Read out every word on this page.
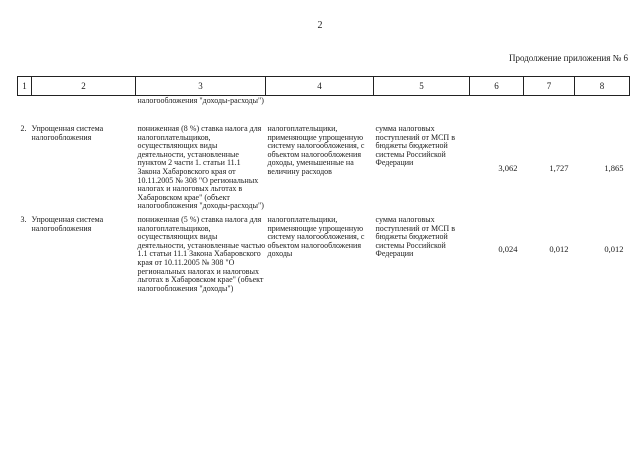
2
Продолжение приложения № 6
1	2	3	4	5	6	7	8
		налогообложения "доходы-расходы")					
2.	Упрощенная система налогообложения	пониженная (8 %) ставка налога для налогоплательщиков, осуществляющих виды деятельности, установленные пунктом 2 части 1. статьи 11.1 Закона Хабаровского края от 10.11.2005 № 308 "О региональных налогах и налоговых льготах в Хабаровском крае" (объект налогообложения "доходы-расходы")	налогоплательщики, применяющие упрощенную систему налогообложения, с объектом налогообложения доходы, уменьшенные на величину расходов	сумма налоговых поступлений от МСП в бюджеты бюджетной системы Российской Федерации	3,062	1,727	1,865
3.	Упрощенная система налогообложения	пониженная (5 %) ставка налога для налогоплательщиков, осуществляющих виды деятельности, установленные частью 1.1 статьи 11.1 Закона Хабаровского края от 10.11.2005 № 308 "О региональных налогах и налоговых льготах в Хабаровском крае" (объект налогообложения "доходы")	налогоплательщики, применяющие упрощенную систему налогообложения, с объектом налогообложения доходы	сумма налоговых поступлений от МСП в бюджеты бюджетной системы Российской Федерации	0,024	0,012	0,012
